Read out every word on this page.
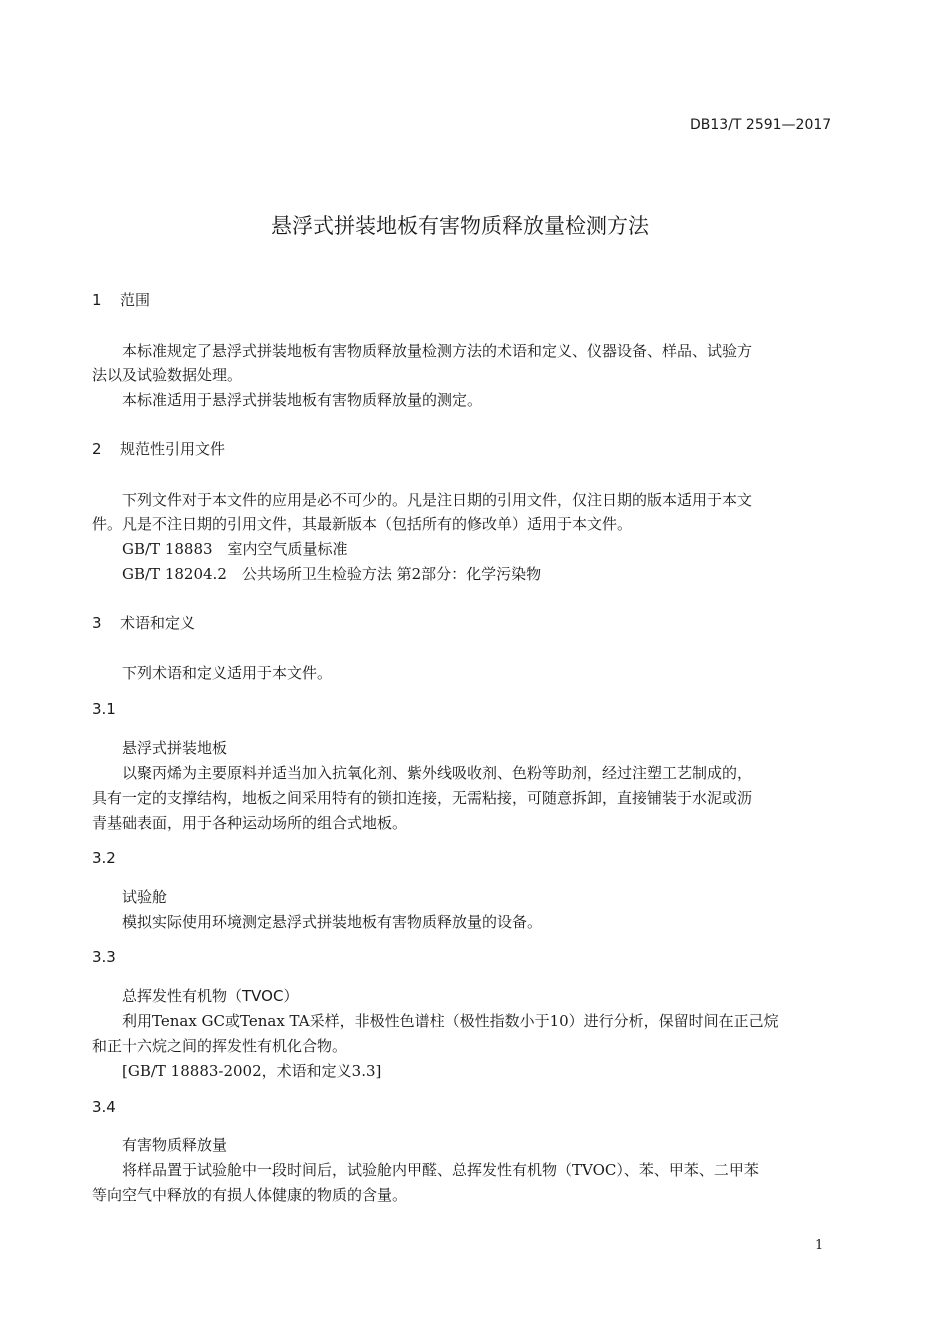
DB13/T 2591—2017
悬浮式拼装地板有害物质释放量检测方法
1 范围
本标准规定了悬浮式拼装地板有害物质释放量检测方法的术语和定义、仪器设备、样品、试验方
法以及试验数据处理。
本标准适用于悬浮式拼装地板有害物质释放量的测定。
2 规范性引用文件
下列文件对于本文件的应用是必不可少的。凡是注日期的引用文件，仅注日期的版本适用于本文
件。凡是不注日期的引用文件，其最新版本（包括所有的修改单）适用于本文件。
GB/T 18883　室内空气质量标准
GB/T 18204.2　公共场所卫生检验方法 第2部分：化学污染物
3 术语和定义
下列术语和定义适用于本文件。
3.1
悬浮式拼装地板
以聚丙烯为主要原料并适当加入抗氧化剂、紫外线吸收剂、色粉等助剂，经过注塑工艺制成的，
具有一定的支撑结构，地板之间采用特有的锁扣连接，无需粘接，可随意拆卸，直接铺装于水泥或沥
青基础表面，用于各种运动场所的组合式地板。
3.2
试验舱
模拟实际使用环境测定悬浮式拼装地板有害物质释放量的设备。
3.3
总挥发性有机物（TVOC）
利用Tenax GC或Tenax TA采样，非极性色谱柱（极性指数小于10）进行分析，保留时间在正己烷
和正十六烷之间的挥发性有机化合物。
[GB/T 18883-2002，术语和定义3.3]
3.4
有害物质释放量
将样品置于试验舱中一段时间后，试验舱内甲醛、总挥发性有机物（TVOC）、苯、甲苯、二甲苯
等向空气中释放的有损人体健康的物质的含量。
1
